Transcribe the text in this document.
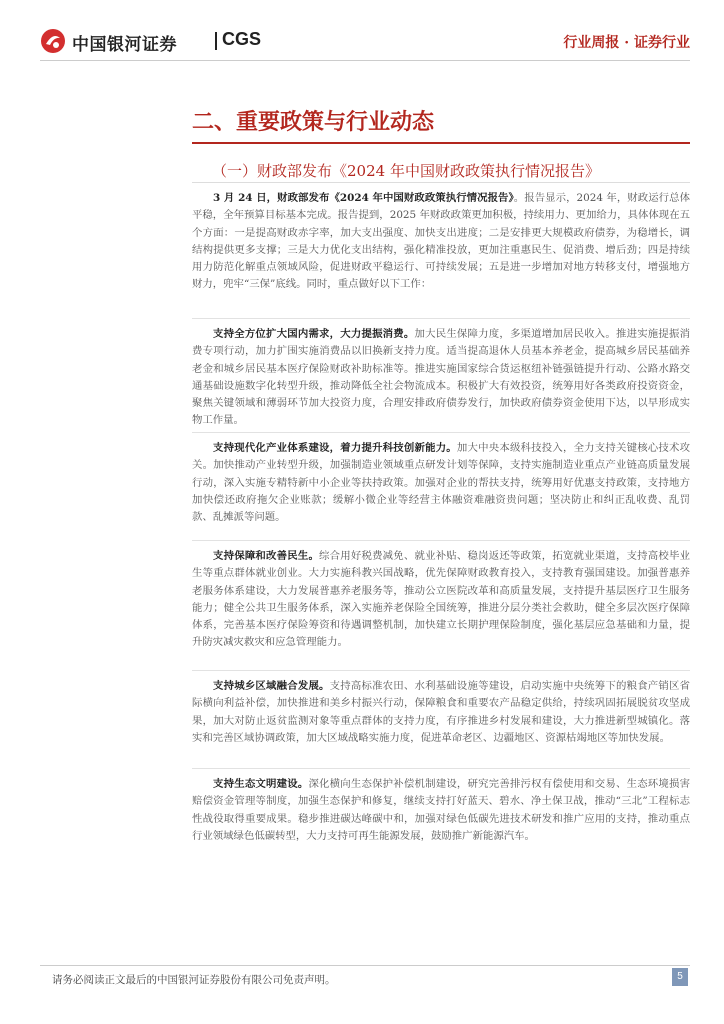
中国银河证券	CGS	行业周报 · 证券行业
二、重要政策与行业动态
（一）财政部发布《2024 年中国财政政策执行情况报告》

3 月 24 日，财政部发布《2024 年中国财政政策执行情况报告》。报告显示，2024 年，财政运行总体平稳，全年预算目标基本完成。报告提到，2025 年财政政策更加积极，持续用力、更加给力，具体体现在五个方面：一是提高财政赤字率，加大支出强度、加快支出进度；二是安排更大规模政府债券，为稳增长，调结构提供更多支撑；三是大力优化支出结构，强化精准投放，更加注重惠民生、促消费、增后劲；四是持续用力防范化解重点领域风险，促进财政平稳运行、可持续发展；五是进一步增加对地方转移支付，增强地方财力，兜牢“三保”底线。同时，重点做好以下工作：

支持全方位扩大国内需求，大力提振消费。加大民生保障力度，多渠道增加居民收入。推进实施提振消费专项行动，加力扩围实施消费品以旧换新支持力度。适当提高退休人员基本养老金，提高城乡居民基础养老金和城乡居民基本医疗保险财政补助标准等。推进实施国家综合货运枢纽补链强链提升行动、公路水路交通基础设施数字化转型升级，推动降低全社会物流成本。积极扩大有效投资，统筹用好各类政府投资资金，聚焦关键领域和薄弱环节加大投资力度，合理安排政府债券发行，加快政府债券资金使用下达，以早形成实物工作量。

支持现代化产业体系建设，着力提升科技创新能力。加大中央本级科技投入，全力支持关键核心技术攻关。加快推动产业转型升级，加强制造业领域重点研发计划等保障，支持实施制造业重点产业链高质量发展行动，深入实施专精特新中小企业等扶持政策。加强对企业的帮扶支持，统筹用好优惠支持政策，支持地方加快偿还政府拖欠企业账款；缓解小微企业等经营主体融资难融资贵问题；坚决防止和纠正乱收费、乱罚款、乱摊派等问题。

支持保障和改善民生。综合用好税费减免、就业补贴、稳岗返还等政策，拓宽就业渠道，支持高校毕业生等重点群体就业创业。大力实施科教兴国战略，优先保障财政教育投入，支持教育强国建设。加强普惠养老服务体系建设，大力发展普惠养老服务等，推动公立医院改革和高质量发展，支持提升基层医疗卫生服务能力；健全公共卫生服务体系，深入实施养老保险全国统筹，推进分层分类社会救助，健全多层次医疗保障体系，完善基本医疗保险筹资和待遇调整机制，加快建立长期护理保险制度，强化基层应急基础和力量，提升防灾减灾救灾和应急管理能力。

支持城乡区域融合发展。支持高标准农田、水利基础设施等建设，启动实施中央统筹下的粮食产销区省际横向利益补偿，加快推进和美乡村振兴行动，保障粮食和重要农产品稳定供给，持续巩固拓展脱贫攻坚成果，加大对防止返贫监测对象等重点群体的支持力度，有序推进乡村发展和建设，大力推进新型城镇化。落实和完善区域协调政策，加大区域战略实施力度，促进革命老区、边疆地区、资源枯竭地区等加快发展。

支持生态文明建设。深化横向生态保护补偿机制建设，研究完善排污权有偿使用和交易、生态环境损害赔偿资金管理等制度，加强生态保护和修复，继续支持打好蓝天、碧水、净土保卫战，推动“三北”工程标志性战役取得重要成果。稳步推进碳达峰碳中和，加强对绿色低碳先进技术研发和推广应用的支持，推动重点行业领域绿色低碳转型，大力支持可再生能源发展，鼓励推广新能源汽车。

请务必阅读正文最后的中国银河证券股份有限公司免责声明。	5
